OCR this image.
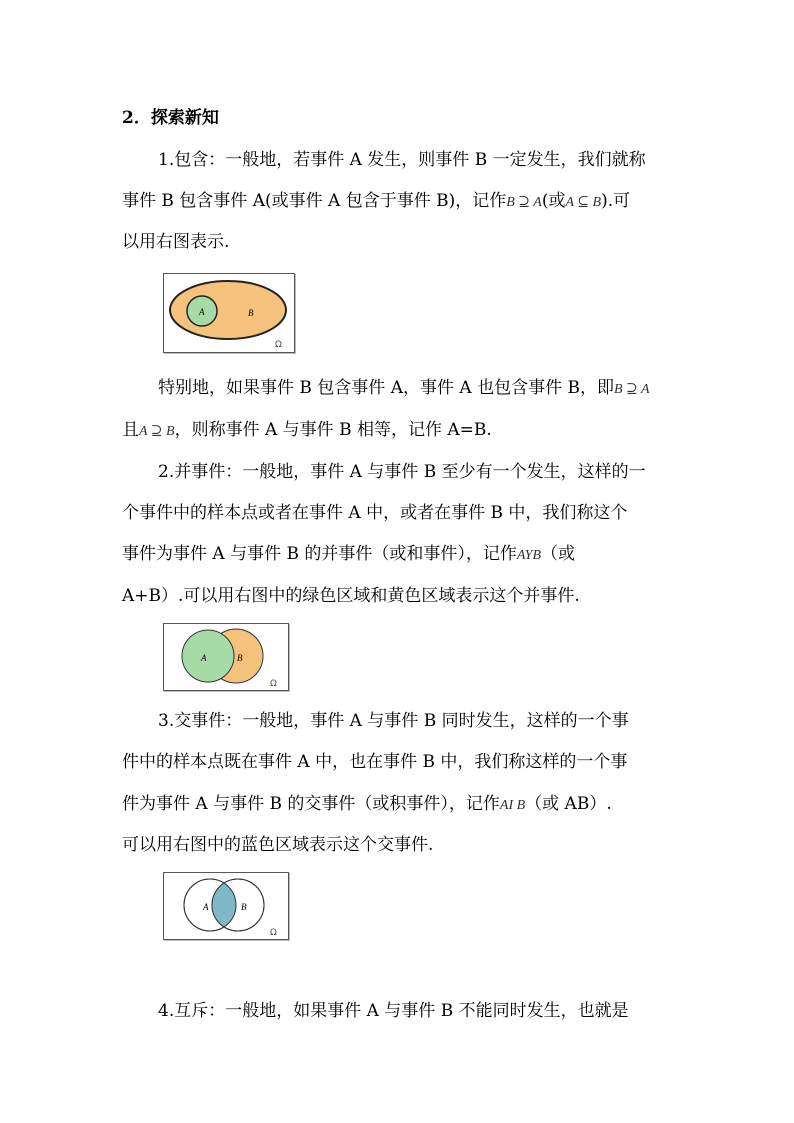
2．探索新知
1.包含：一般地，若事件 A 发生，则事件 B 一定发生，我们就称
事件 B 包含事件 A(或事件 A 包含于事件 B)，记作B ⊇ A(或A ⊆ B).可
以用右图表示.
A	B
Ω
特别地，如果事件 B 包含事件 A，事件 A 也包含事件 B，即B ⊇ A
且A ⊇ B，则称事件 A 与事件 B 相等，记作 A=B.
2.并事件：一般地，事件 A 与事件 B 至少有一个发生，这样的一
个事件中的样本点或者在事件 A 中，或者在事件 B 中，我们称这个
事件为事件 A 与事件 B 的并事件（或和事件），记作AYB（或
A+B）.可以用右图中的绿色区域和黄色区域表示这个并事件.
A	B
Ω
3.交事件：一般地，事件 A 与事件 B 同时发生，这样的一个事
件中的样本点既在事件 A 中，也在事件 B 中，我们称这样的一个事
件为事件 A 与事件 B 的交事件（或积事件），记作AI B（或 AB）.
可以用右图中的蓝色区域表示这个交事件.
A	B
Ω
4.互斥：一般地，如果事件 A 与事件 B 不能同时发生，也就是
